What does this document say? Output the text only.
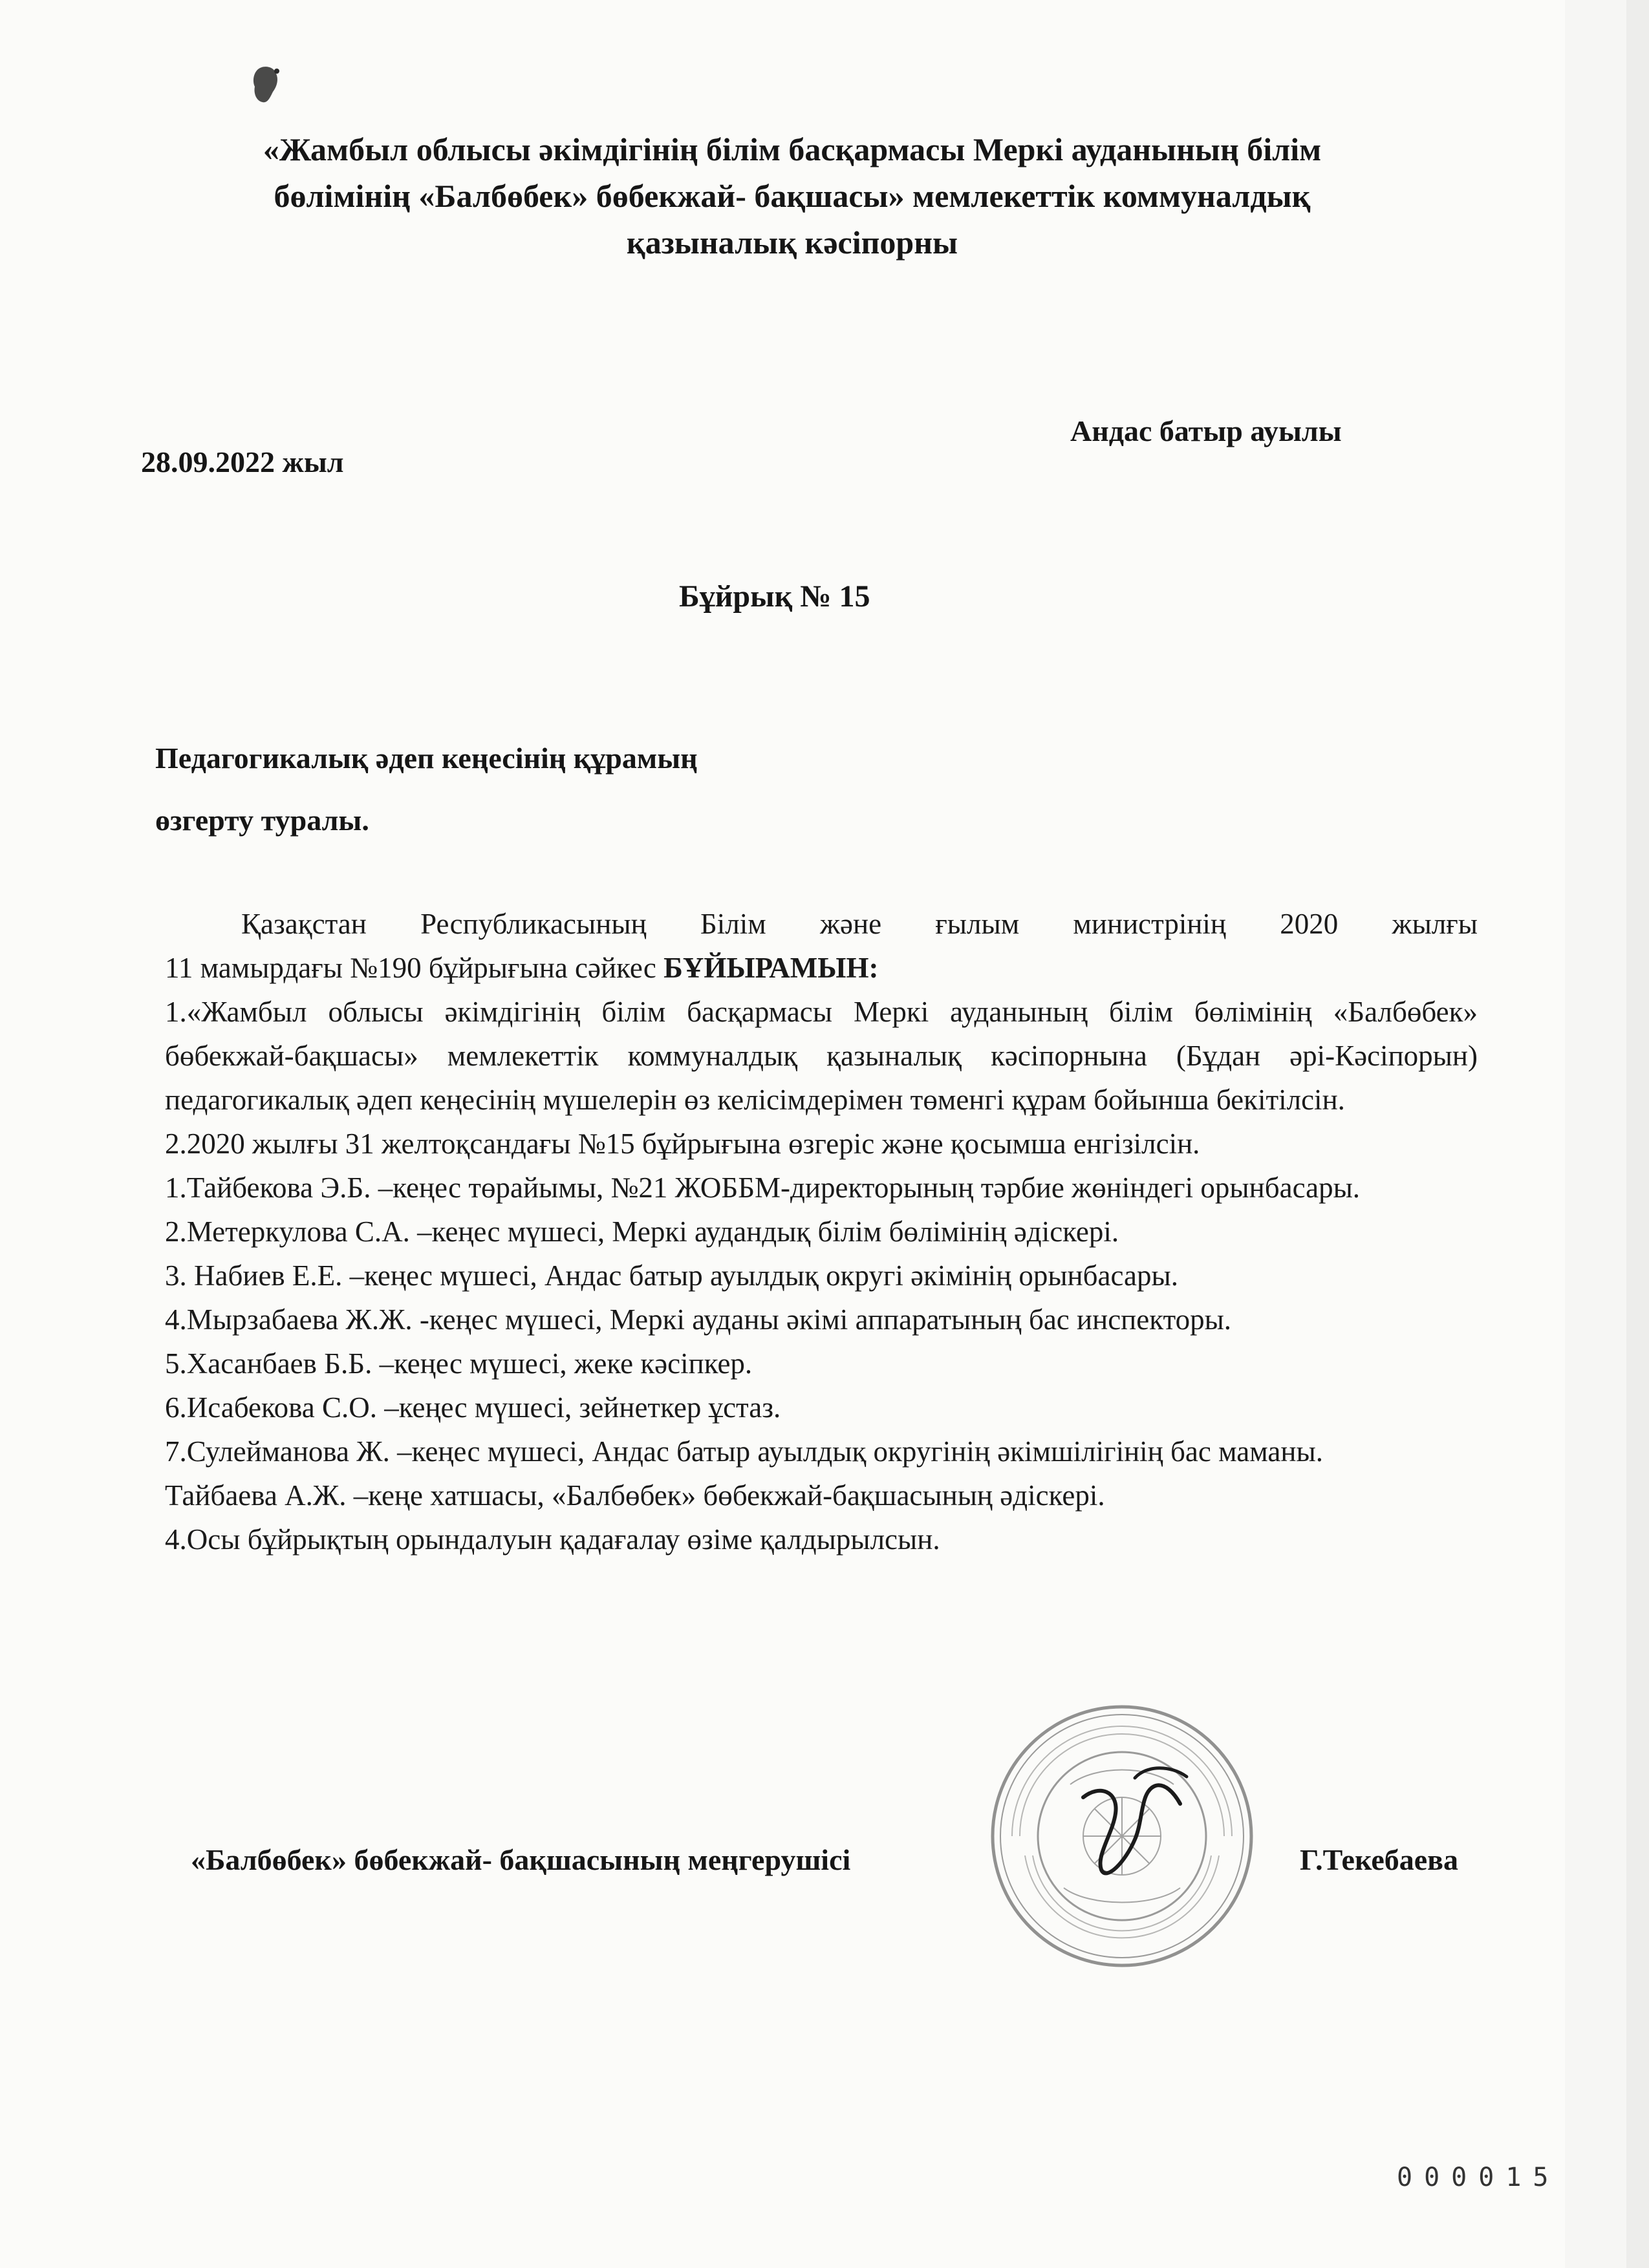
«Жамбыл облысы әкімдігінің білім басқармасы Меркі ауданының білім
бөлімінің «Балбөбек» бөбекжай- бақшасы» мемлекеттік коммуналдық
қазыналық кәсіпорны
28.09.2022 жыл
Андас батыр ауылы
Бұйрық № 15
Педагогикалық әдеп кеңесінің құрамың
өзгерту туралы.

Қазақстан Республикасының Білім және ғылым министрінің 2020 жылғы

11 мамырдағы №190 бұйрығына сәйкес БҰЙЫРАМЫН:

1.«Жамбыл облысы әкімдігінің білім басқармасы Меркі ауданының білім бөлімінің «Балбөбек» бөбекжай-бақшасы» мемлекеттік коммуналдық қазыналық кәсіпорнына (Бұдан әрі-Кәсіпорын) педагогикалық әдеп кеңесінің мүшелерін өз келісімдерімен төменгі құрам бойынша бекітілсін.

2.2020 жылғы 31 желтоқсандағы №15 бұйрығына өзгеріс және қосымша енгізілсін.

1.Тайбекова Э.Б. –кеңес төрайымы, №21 ЖОББМ-директорының тәрбие жөніндегі орынбасары.

2.Метеркулова С.А. –кеңес мүшесі, Меркі аудандық білім бөлімінің әдіскері.

3. Набиев Е.Е. –кеңес мүшесі, Андас батыр ауылдық округі әкімінің орынбасары.

4.Мырзабаева Ж.Ж. -кеңес мүшесі, Меркі ауданы әкімі аппаратының бас инспекторы.

5.Хасанбаев Б.Б. –кеңес мүшесі, жеке кәсіпкер.

6.Исабекова С.О. –кеңес мүшесі, зейнеткер ұстаз.

7.Сулейманова Ж. –кеңес мүшесі, Андас батыр ауылдық округінің әкімшілігінің бас маманы.

Тайбаева А.Ж. –кеңе хатшасы, «Балбөбек» бөбекжай-бақшасының әдіскері.

4.Осы бұйрықтың орындалуын қадағалау өзіме қалдырылсын.

«Балбөбек» бөбекжай- бақшасының меңгерушісі	Г.Текебаева
000015
